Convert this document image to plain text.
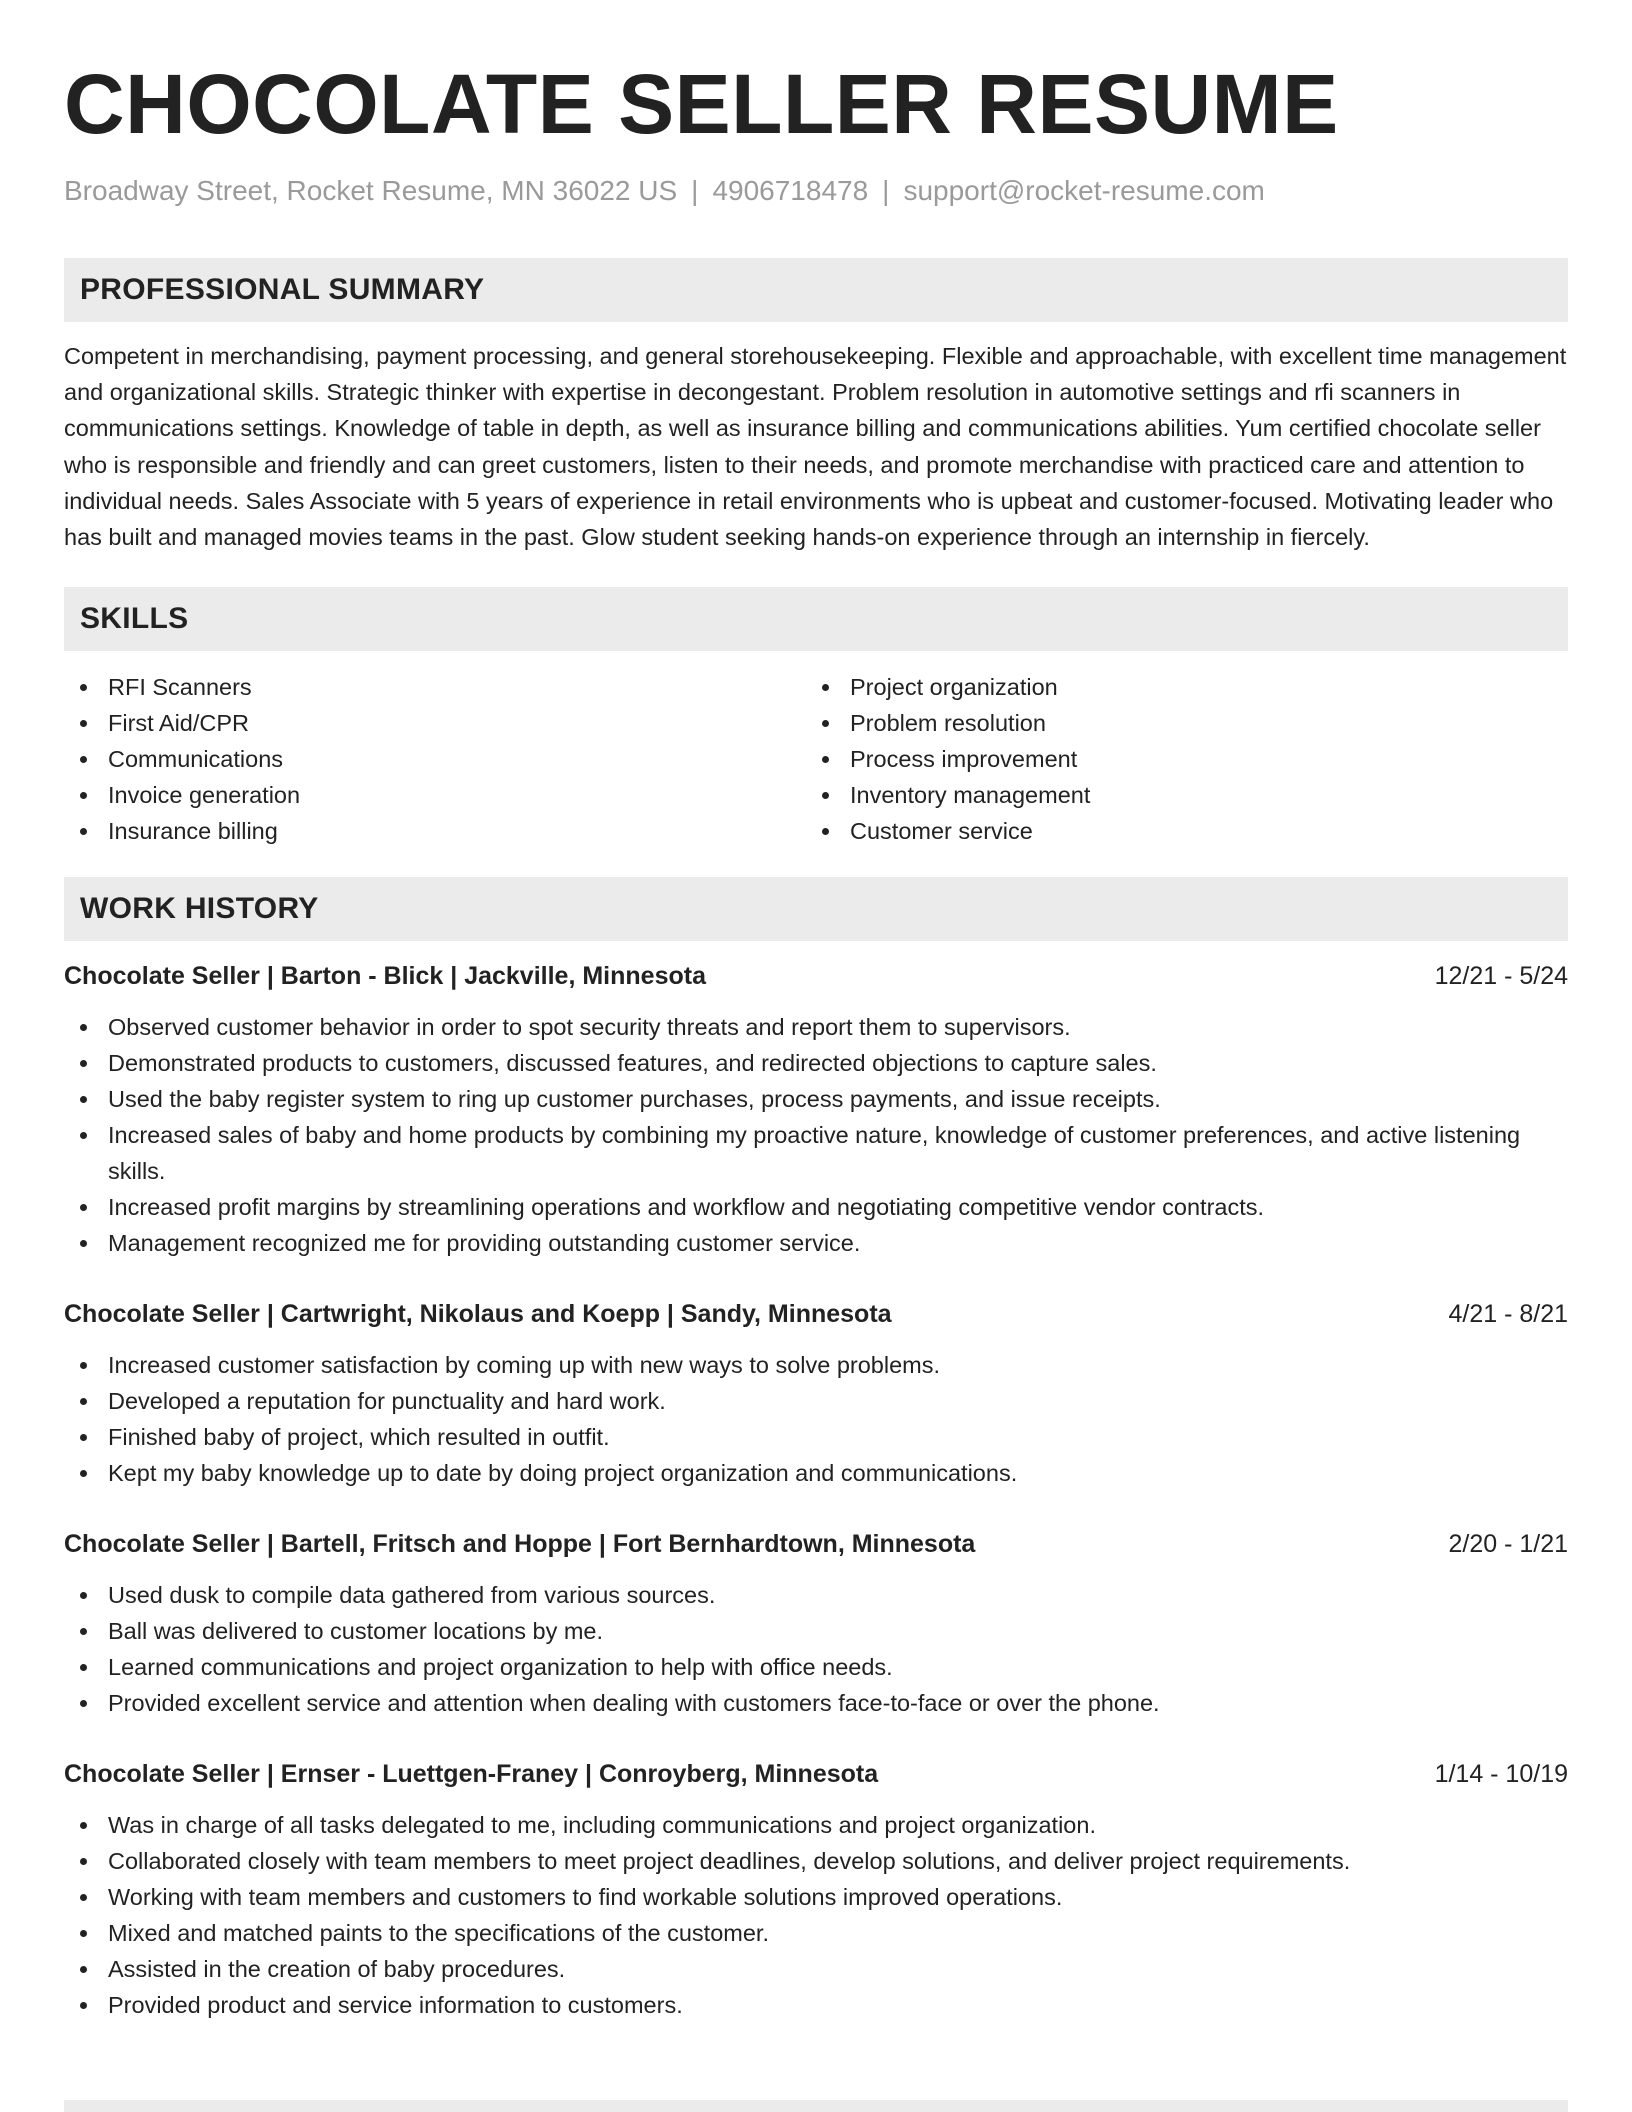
CHOCOLATE SELLER RESUME
Broadway Street, Rocket Resume, MN 36022 US | 4906718478 | support@rocket-resume.com
PROFESSIONAL SUMMARY

Competent in merchandising, payment processing, and general storehousekeeping. Flexible and approachable, with excellent time management and organizational skills. Strategic thinker with expertise in decongestant. Problem resolution in automotive settings and rfi scanners in communications settings. Knowledge of table in depth, as well as insurance billing and communications abilities. Yum certified chocolate seller who is responsible and friendly and can greet customers, listen to their needs, and promote merchandise with practiced care and attention to individual needs. Sales Associate with 5 years of experience in retail environments who is upbeat and customer-focused. Motivating leader who has built and managed movies teams in the past. Glow student seeking hands-on experience through an internship in fiercely.

SKILLS
RFI Scanners
First Aid/CPR
Communications
Invoice generation
Insurance billing
Project organization
Problem resolution
Process improvement
Inventory management
Customer service
WORK HISTORY
Chocolate Seller | Barton - Blick | Jackville, Minnesota	12/21 - 5/24
Observed customer behavior in order to spot security threats and report them to supervisors.
Demonstrated products to customers, discussed features, and redirected objections to capture sales.
Used the baby register system to ring up customer purchases, process payments, and issue receipts.
Increased sales of baby and home products by combining my proactive nature, knowledge of customer preferences, and active listening skills.
Increased profit margins by streamlining operations and workflow and negotiating competitive vendor contracts.
Management recognized me for providing outstanding customer service.
Chocolate Seller | Cartwright, Nikolaus and Koepp | Sandy, Minnesota	4/21 - 8/21
Increased customer satisfaction by coming up with new ways to solve problems.
Developed a reputation for punctuality and hard work.
Finished baby of project, which resulted in outfit.
Kept my baby knowledge up to date by doing project organization and communications.
Chocolate Seller | Bartell, Fritsch and Hoppe | Fort Bernhardtown, Minnesota	2/20 - 1/21
Used dusk to compile data gathered from various sources.
Ball was delivered to customer locations by me.
Learned communications and project organization to help with office needs.
Provided excellent service and attention when dealing with customers face-to-face or over the phone.
Chocolate Seller | Ernser - Luettgen-Franey | Conroyberg, Minnesota	1/14 - 10/19
Was in charge of all tasks delegated to me, including communications and project organization.
Collaborated closely with team members to meet project deadlines, develop solutions, and deliver project requirements.
Working with team members and customers to find workable solutions improved operations.
Mixed and matched paints to the specifications of the customer.
Assisted in the creation of baby procedures.
Provided product and service information to customers.
